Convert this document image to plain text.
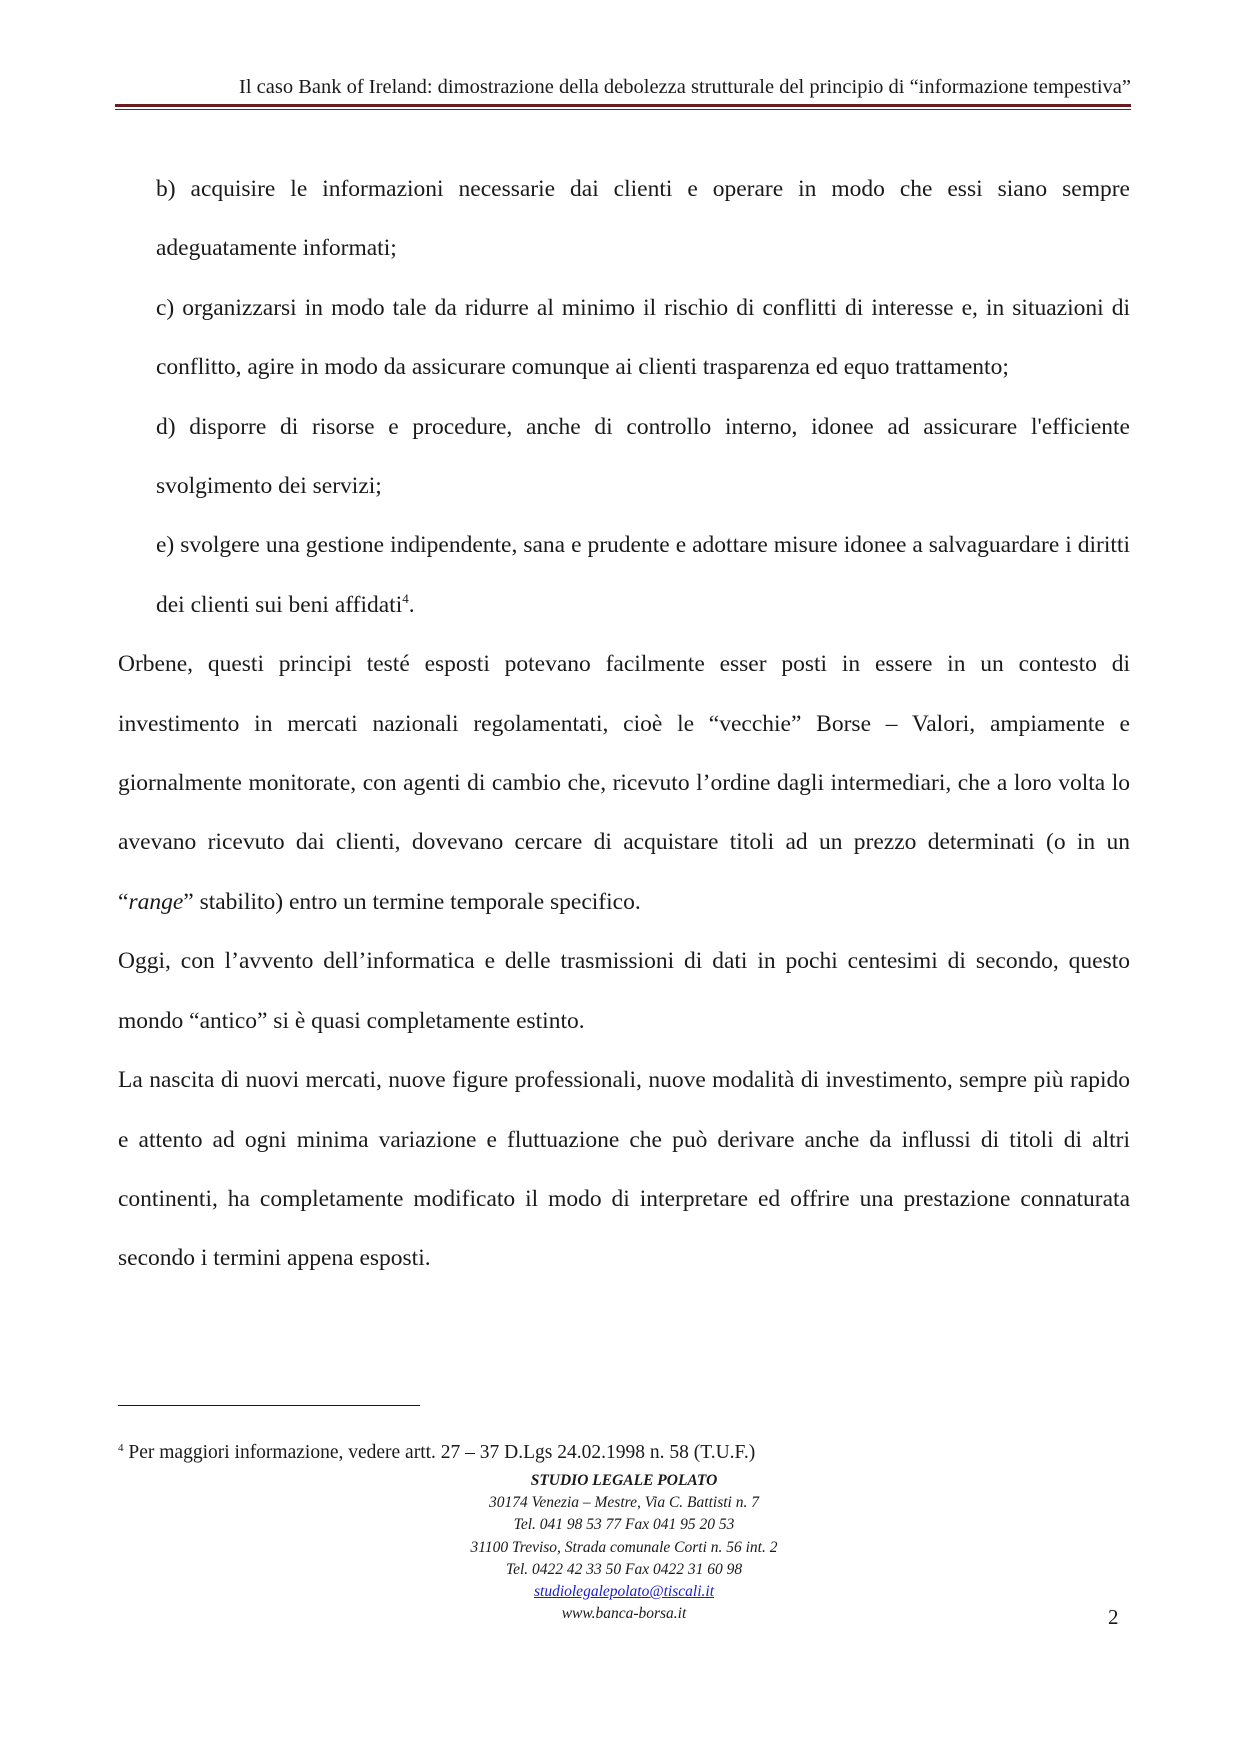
Il caso Bank of Ireland: dimostrazione della debolezza strutturale del principio di “informazione tempestiva”

b) acquisire le informazioni necessarie dai clienti e operare in modo che essi siano sempre adeguatamente informati;

c) organizzarsi in modo tale da ridurre al minimo il rischio di conflitti di interesse e, in situazioni di conflitto, agire in modo da assicurare comunque ai clienti trasparenza ed equo trattamento;

d) disporre di risorse e procedure, anche di controllo interno, idonee ad assicurare l'efficiente svolgimento dei servizi;

e) svolgere una gestione indipendente, sana e prudente e adottare misure idonee a salvaguardare i diritti dei clienti sui beni affidati$^4$.

Orbene, questi principi testé esposti potevano facilmente esser posti in essere in un contesto di investimento in mercati nazionali regolamentati, cioè le “vecchie” Borse – Valori, ampiamente e giornalmente monitorate, con agenti di cambio che, ricevuto l’ordine dagli intermediari, che a loro volta lo avevano ricevuto dai clienti, dovevano cercare di acquistare titoli ad un prezzo determinati (o in un “range” stabilito) entro un termine temporale specifico.

Oggi, con l’avvento dell’informatica e delle trasmissioni di dati in pochi centesimi di secondo, questo mondo “antico” si è quasi completamente estinto.

La nascita di nuovi mercati, nuove figure professionali, nuove modalità di investimento, sempre più rapido e attento ad ogni minima variazione e fluttuazione che può derivare anche da influssi di titoli di altri continenti, ha completamente modificato il modo di interpretare ed offrire una prestazione connaturata secondo i termini appena esposti.

$^4$ Per maggiori informazione, vedere artt. 27 – 37 D.Lgs 24.02.1998 n. 58 (T.U.F.)
STUDIO LEGALE POLATO
30174 Venezia – Mestre, Via C. Battisti n. 7
Tel. 041 98 53 77 Fax 041 95 20 53
31100 Treviso, Strada comunale Corti n. 56 int. 2
Tel. 0422 42 33 50 Fax 0422 31 60 98
studiolegalepolato@tiscali.it
www.banca-borsa.it	2
